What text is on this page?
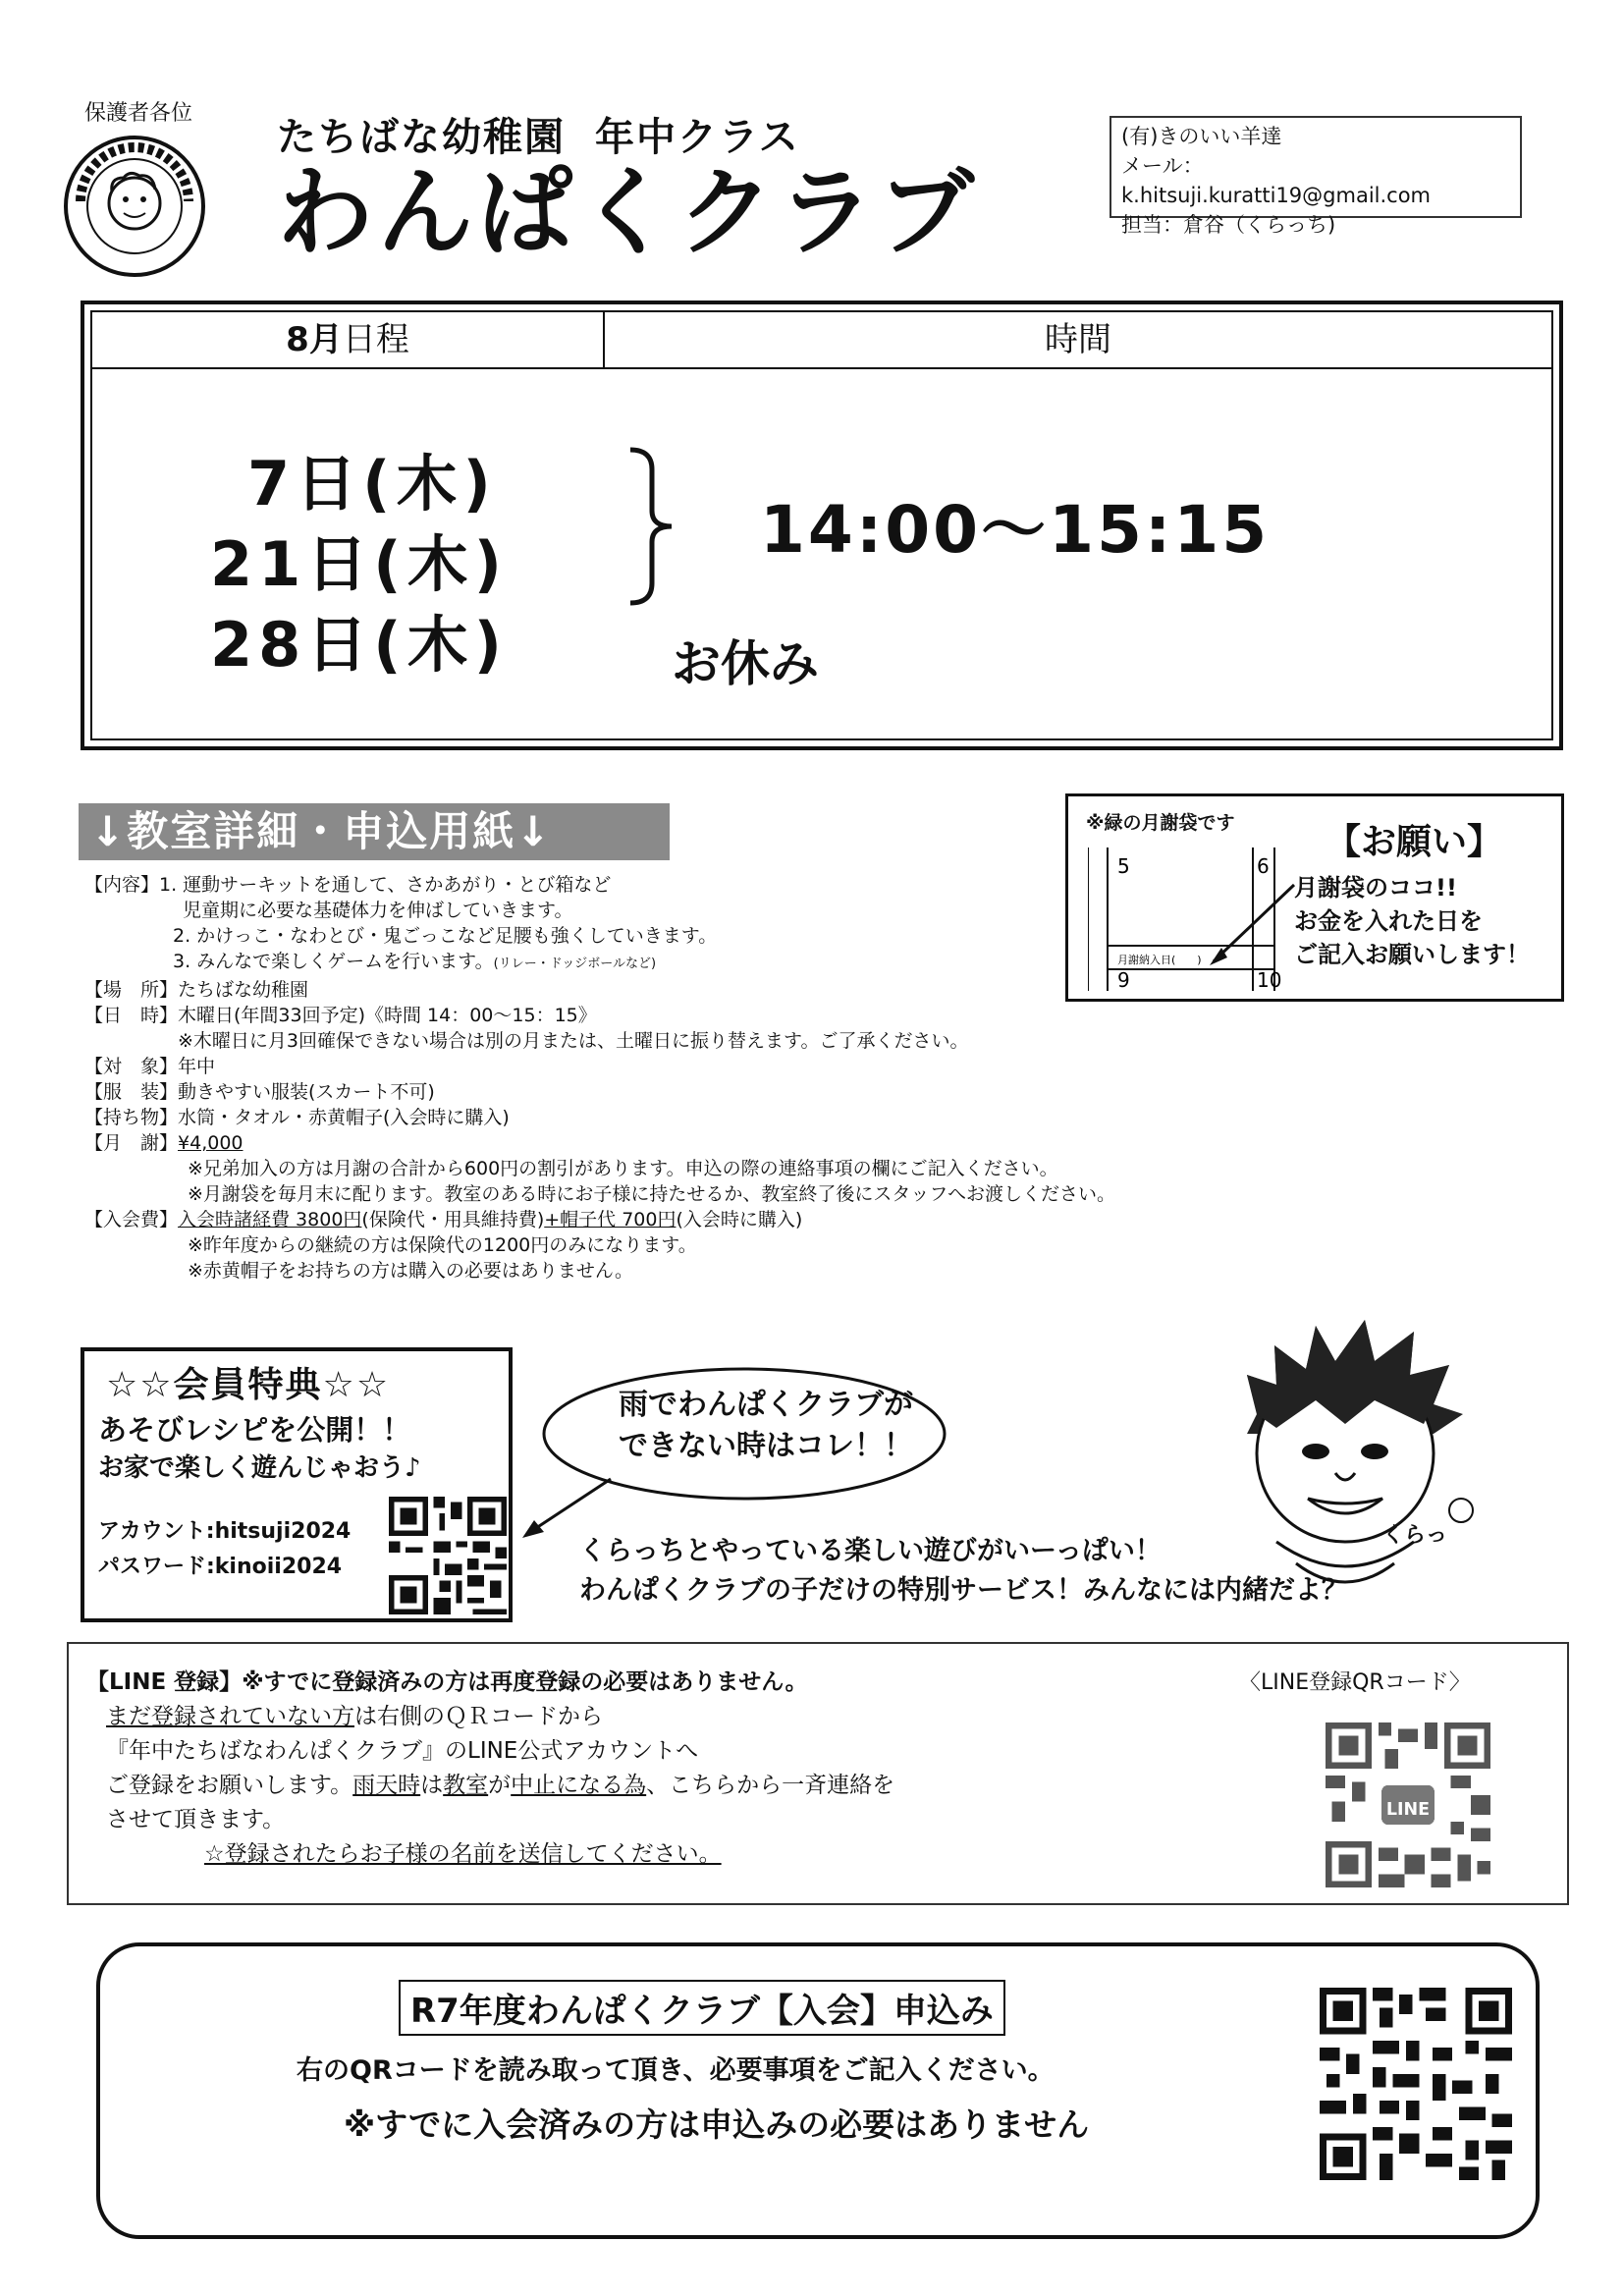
保護者各位
たちばな幼稚園 年中クラス
わんぱくクラブ
(有)きのいい羊達
メール：k.hitsuji.kuratti19@gmail.com
担当：倉谷（くらっち)
8月日程	時間
7日(木)
21日(木)
28日(木)
14:00〜15:15
お休み
↓教室詳細・申込用紙↓
【内容】1. 運動サーキットを通して、さかあがり・とび箱など
児童期に必要な基礎体力を伸ばしていきます。
2. かけっこ・なわとび・鬼ごっこなど足腰も強くしていきます。
3. みんなで楽しくゲームを行います。(リレー・ドッジボールなど)
【場　所】たちばな幼稚園
【日　時】木曜日(年間33回予定)《時間 14：00〜15：15》
※木曜日に月3回確保できない場合は別の月または、土曜日に振り替えます。ご了承ください。
【対　象】年中
【服　装】動きやすい服装(スカート不可)
【持ち物】水筒・タオル・赤黄帽子(入会時に購入)
【月　謝】¥4,000
※兄弟加入の方は月謝の合計から600円の割引があります。申込の際の連絡事項の欄にご記入ください。
※月謝袋を毎月末に配ります。教室のある時にお子様に持たせるか、教室終了後にスタッフへお渡しください。
【入会費】入会時諸経費 3800円(保険代・用具維持費)+帽子代 700円(入会時に購入)
※昨年度からの継続の方は保険代の1200円のみになります。
※赤黄帽子をお持ちの方は購入の必要はありません。
※緑の月謝袋です	【お願い】
5	6
9	10
月謝納入日(　　)
月謝袋のココ!!
お金を入れた日を
ご記入お願いします！
☆☆会員特典☆☆
あそびレシピを公開！！
お家で楽しく遊んじゃおう♪
アカウント:hitsuji2024
パスワード:kinoii2024
雨でわんぱくクラブが
できない時はコレ！！
くらっちとやっている楽しい遊びがいーっぱい！
わんぱくクラブの子だけの特別サービス！みんなには内緒だよ？
くらっ
【LINE 登録】※すでに登録済みの方は再度登録の必要はありません。
まだ登録されていない方は右側のＱＲコードから
『年中たちばなわんぱくクラブ』のLINE公式アカウントへ
ご登録をお願いします。雨天時は教室が中止になる為、こちらから一斉連絡を
させて頂きます。
☆登録されたらお子様の名前を送信してください。
〈LINE登録QRコード〉
LINE
R7年度わんぱくクラブ【入会】申込み
右のQRコードを読み取って頂き、必要事項をご記入ください。
※すでに入会済みの方は申込みの必要はありません
